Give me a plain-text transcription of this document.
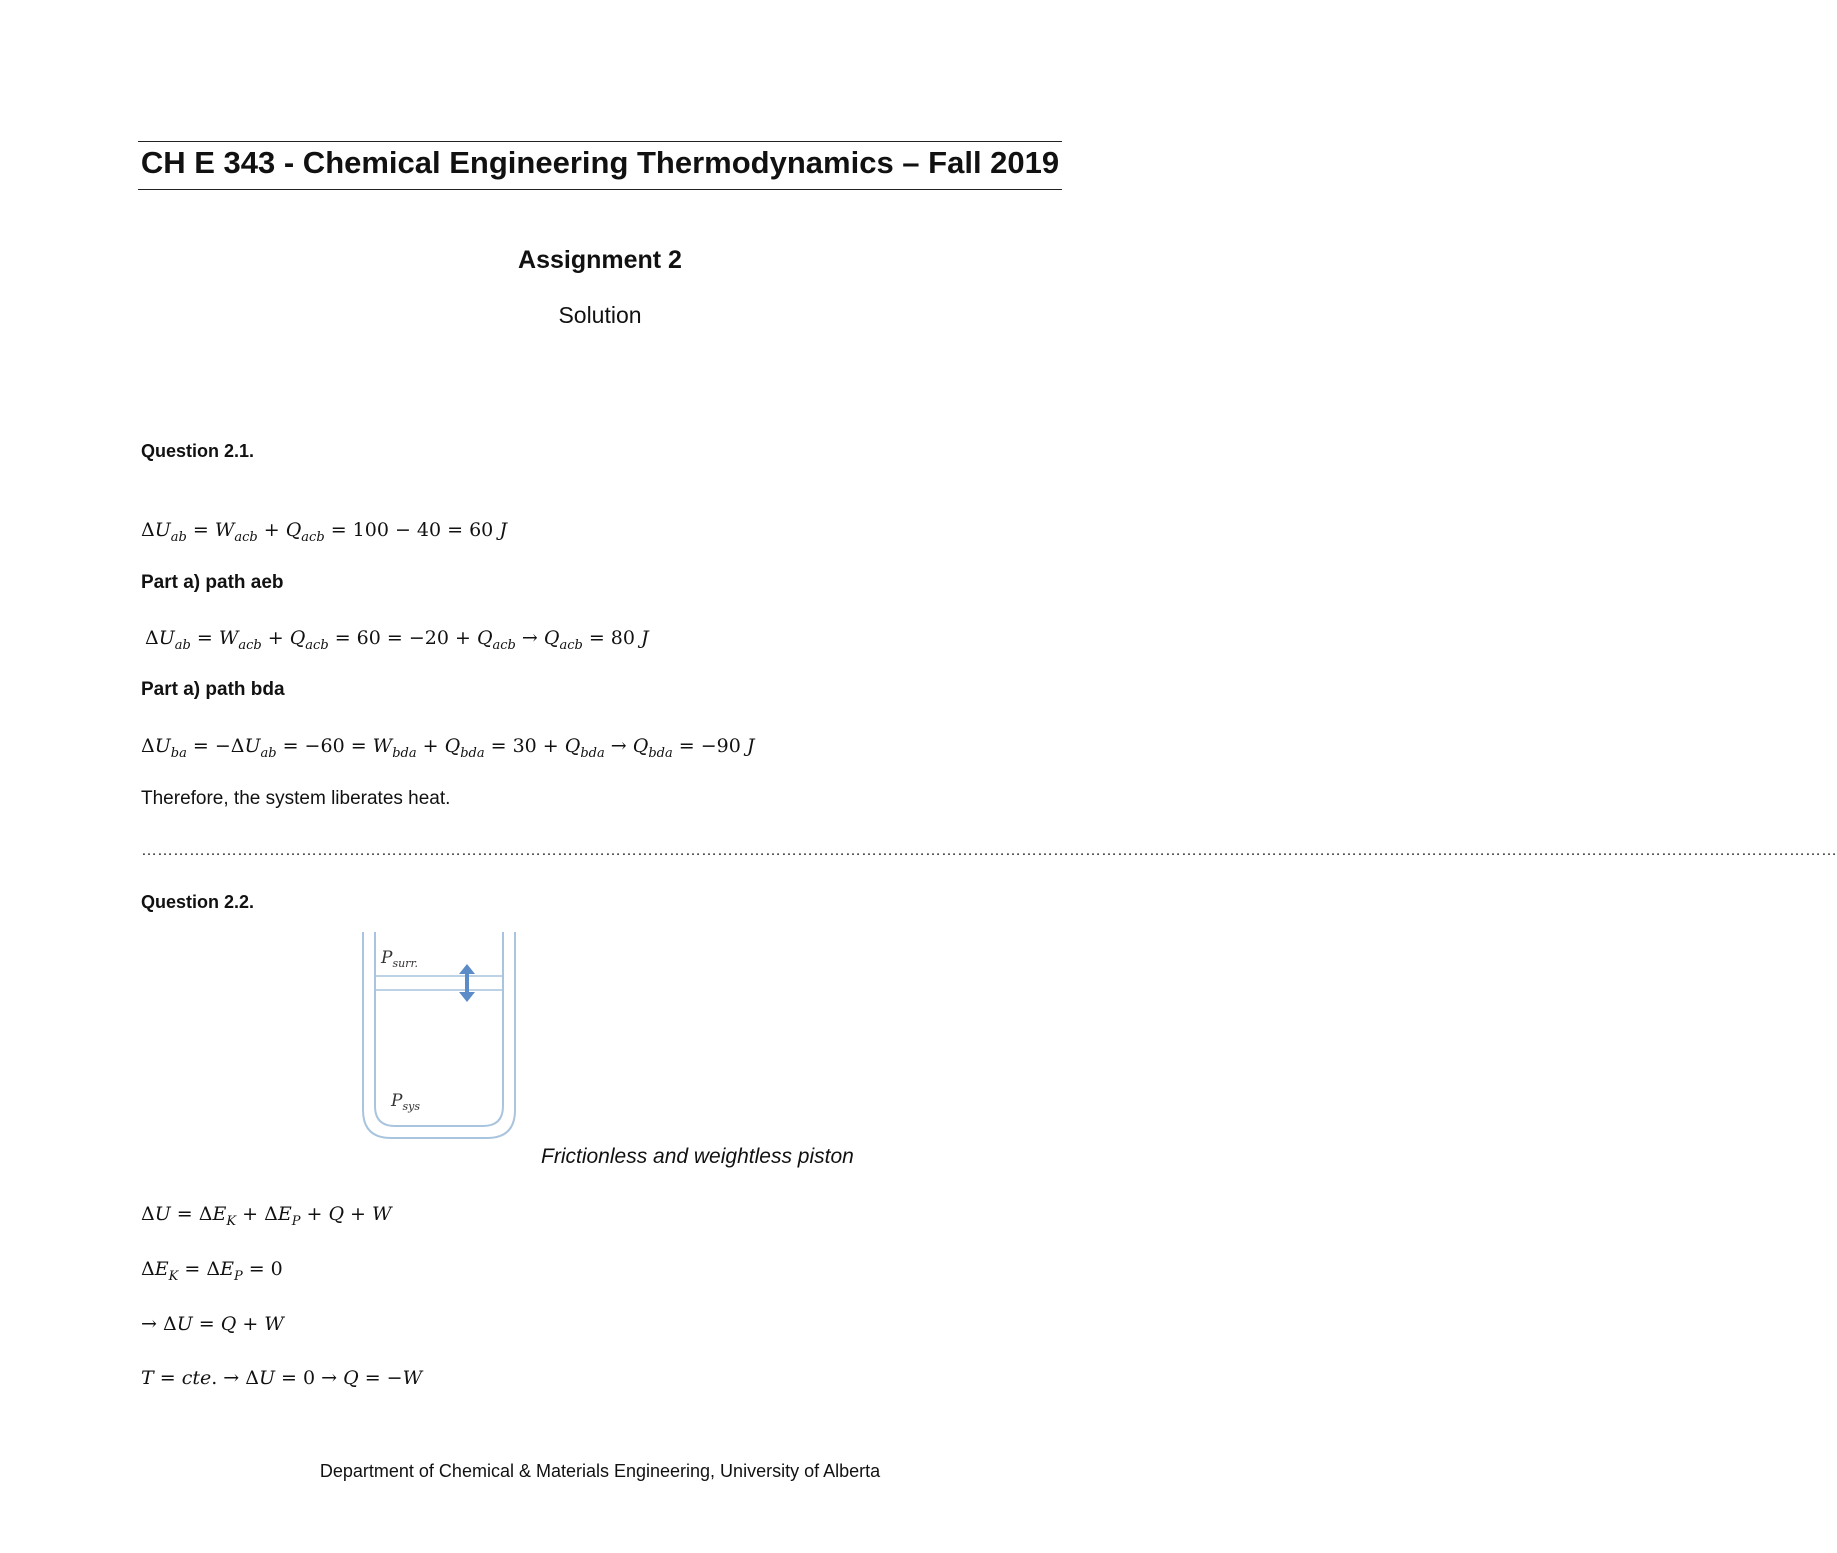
CH E 343 - Chemical Engineering Thermodynamics – Fall 2019
Assignment 2
Solution
Question 2.1.
$\Delta U_{ab} = W_{acb} + Q_{acb} = 100 - 40 = 60$ J
Part a) path aeb
$\Delta U_{ab} = W_{acb} + Q_{acb} = 60 = -20 + Q_{acb} \to Q_{acb} = 80$ J
Part a) path bda
$\Delta U_{ba} = -\Delta U_{ab} = -60 = W_{bda} + Q_{bda} = 30 + Q_{bda} \to Q_{bda} = -90$ J
Therefore, the system liberates heat.
…………………………………………………………………………………………………………………………………………………………………………………………………………………………………………………………………………………………
Question 2.2.
$P_{surr.}$
$P_{sys}$
Frictionless and weightless piston
$\Delta U = \Delta E_K + \Delta E_P + Q + W$
$\Delta E_K = \Delta E_P = 0$
→ ΔU = Q + W
T = cte. → ΔU = 0 → Q = −W
Department of Chemical & Materials Engineering, University of Alberta
